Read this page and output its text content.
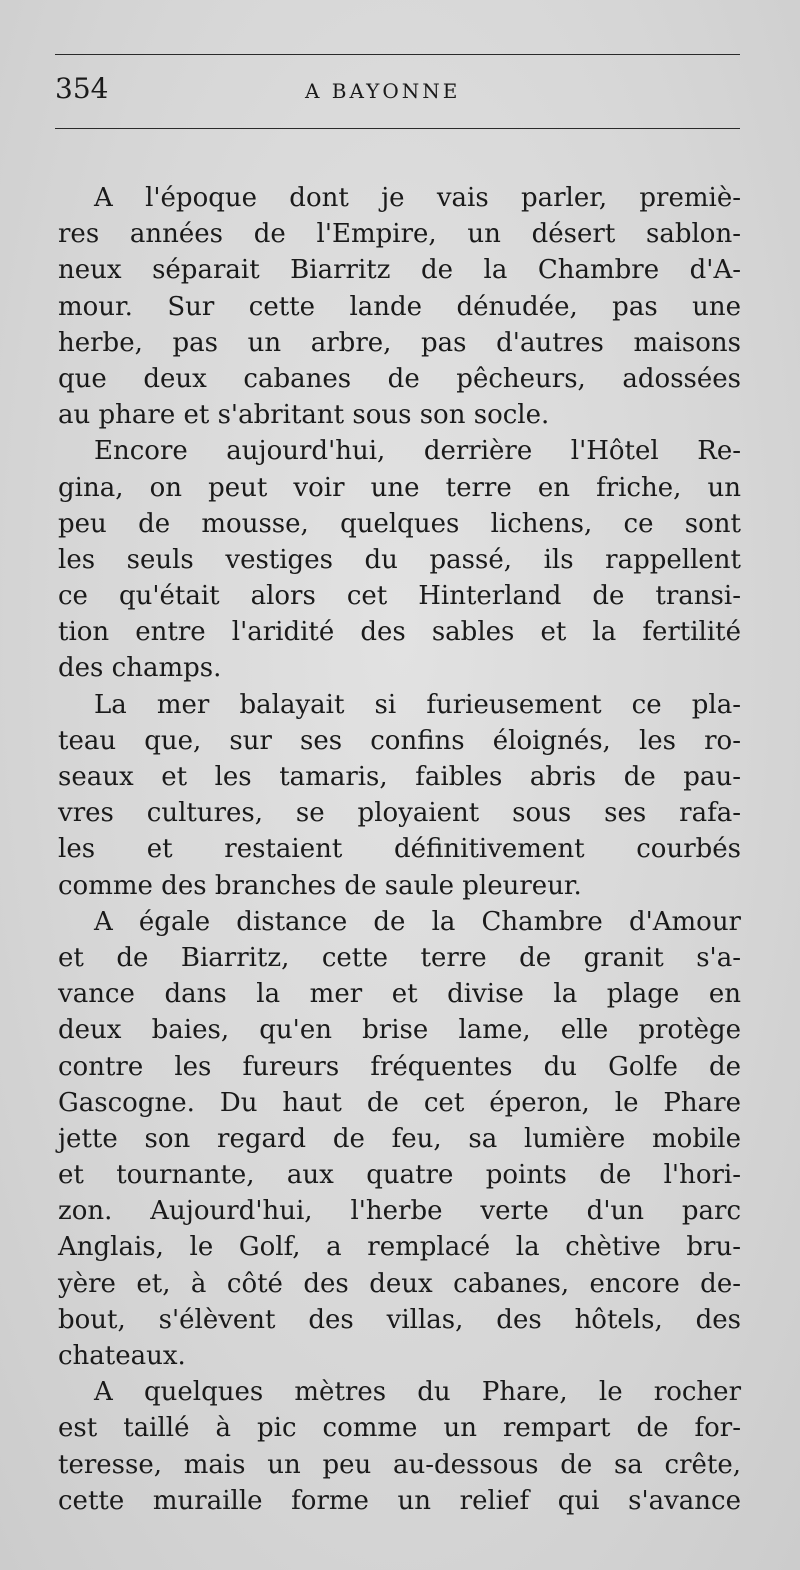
354	A BAYONNE
A l'époque dont je vais parler, premiè-
res années de l'Empire, un désert sablon-
neux séparait Biarritz de la Chambre d'A-
mour. Sur cette lande dénudée, pas une
herbe, pas un arbre, pas d'autres maisons
que deux cabanes de pêcheurs, adossées
au phare et s'abritant sous son socle.
Encore aujourd'hui, derrière l'Hôtel Re-
gina, on peut voir une terre en friche, un
peu de mousse, quelques lichens, ce sont
les seuls vestiges du passé, ils rappellent
ce qu'était alors cet Hinterland de transi-
tion entre l'aridité des sables et la fertilité
des champs.
La mer balayait si furieusement ce pla-
teau que, sur ses confins éloignés, les ro-
seaux et les tamaris, faibles abris de pau-
vres cultures, se ployaient sous ses rafa-
les et restaient définitivement courbés
comme des branches de saule pleureur.
A égale distance de la Chambre d'Amour
et de Biarritz, cette terre de granit s'a-
vance dans la mer et divise la plage en
deux baies, qu'en brise lame, elle protège
contre les fureurs fréquentes du Golfe de
Gascogne. Du haut de cet éperon, le Phare
jette son regard de feu, sa lumière mobile
et tournante, aux quatre points de l'hori-
zon. Aujourd'hui, l'herbe verte d'un parc
Anglais, le Golf, a remplacé la chètive bru-
yère et, à côté des deux cabanes, encore de-
bout, s'élèvent des villas, des hôtels, des
chateaux.
A quelques mètres du Phare, le rocher
est taillé à pic comme un rempart de for-
teresse, mais un peu au-dessous de sa crête,
cette muraille forme un relief qui s'avance
